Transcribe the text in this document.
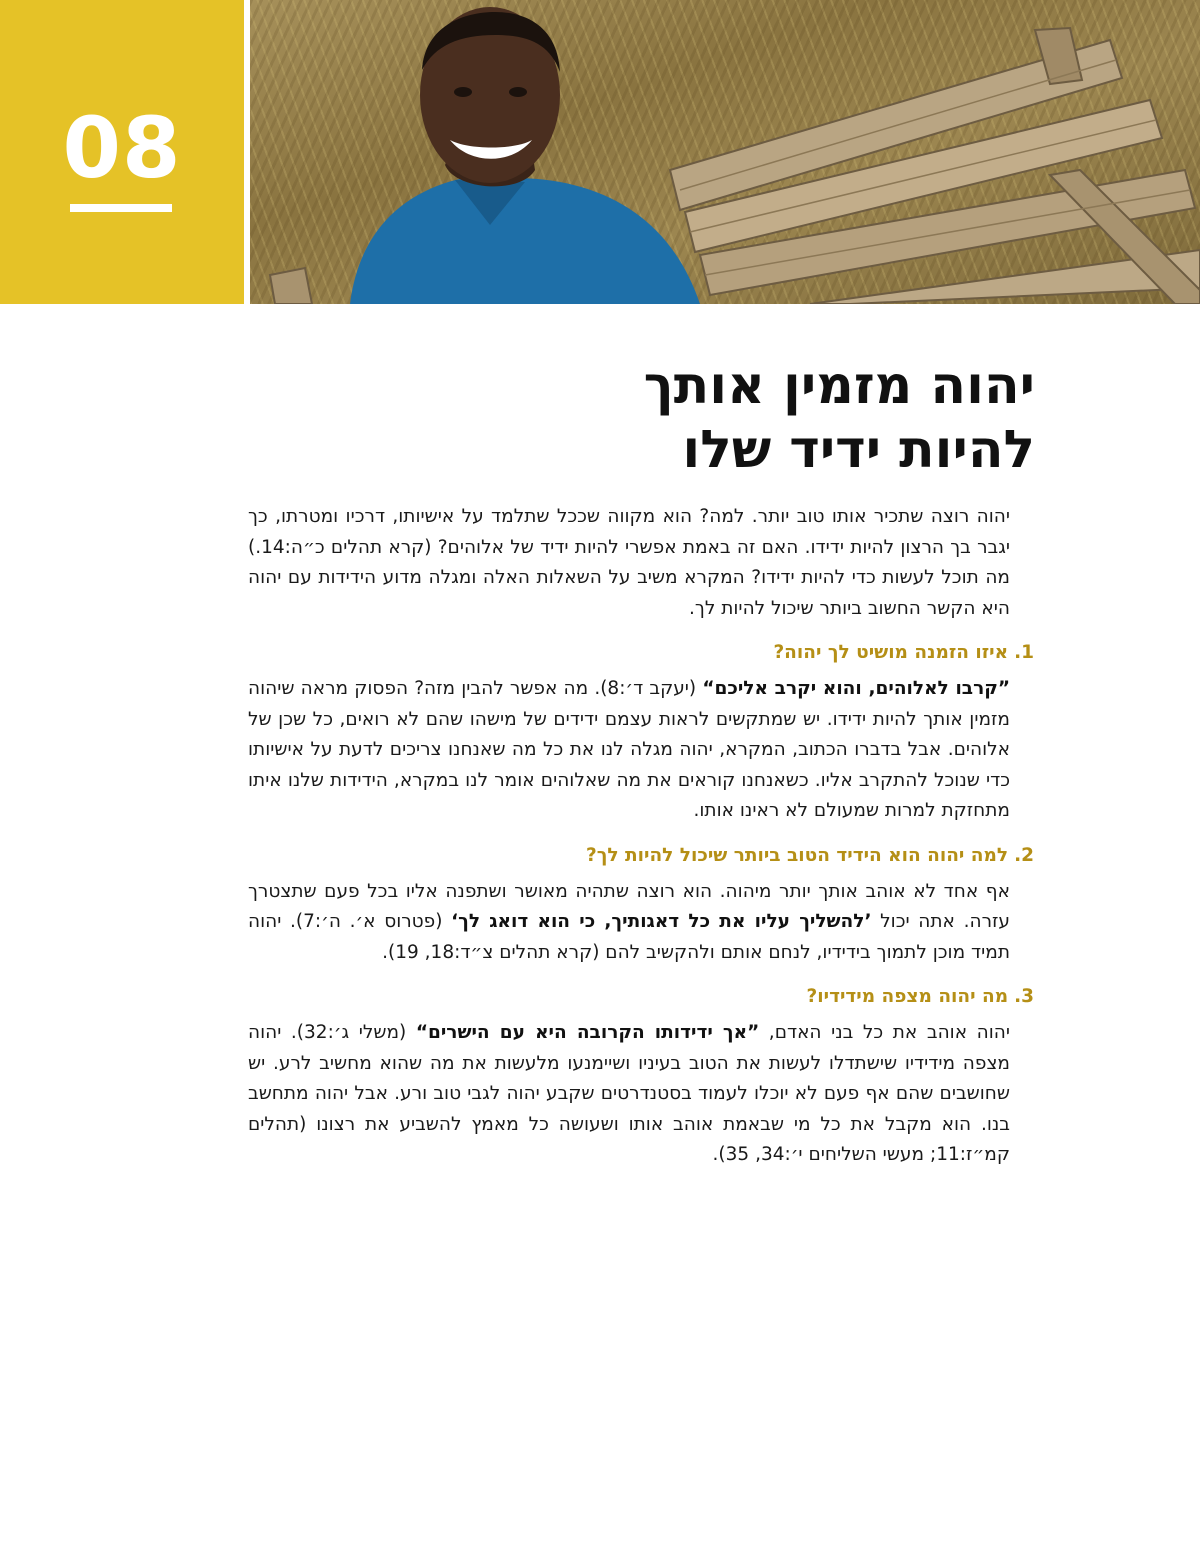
08
יהוה מזמין אותך
להיות ידיד שלו

יהוה רוצה שתכיר אותו טוב יותר. למה? הוא מקווה שככל שתלמד על אישיותו, דרכיו ומטרתו, כך יגבר בך הרצון להיות ידידו. האם זה באמת אפשרי להיות ידיד של אלוהים? (קרא תהלים כ״ה:14.) מה תוכל לעשות כדי להיות ידידו? המקרא משיב על השאלות האלה ומגלה מדוע הידידות עם יהוה היא הקשר החשוב ביותר שיכול להיות לך.

1.איזו הזמנה מושיט לך יהוה?

”קרבו לאלוהים, והוא יקרב אליכם“ (יעקב ד׳:8). מה אפשר להבין מזה? הפסוק מראה שיהוה מזמין אותך להיות ידידו. יש שמתקשים לראות עצמם ידידים של מישהו שהם לא רואים, כל שכן של אלוהים. אבל בדברו הכתוב, המקרא, יהוה מגלה לנו את כל מה שאנחנו צריכים לדעת על אישיותו כדי שנוכל להתקרב אליו. כשאנחנו קוראים את מה שאלוהים אומר לנו במקרא, הידידות שלנו איתו מתחזקת למרות שמעולם לא ראינו אותו.

2.למה יהוה הוא הידיד הטוב ביותר שיכול להיות לך?

אף אחד לא אוהב אותך יותר מיהוה. הוא רוצה שתהיה מאושר ושתפנה אליו בכל פעם שתצטרך עזרה. אתה יכול ’להשליך עליו את כל דאגותיך, כי הוא דואג לך‘ (פטרוס א׳. ה׳:7). יהוה תמיד מוכן לתמוך בידידיו, לנחם אותם ולהקשיב להם (קרא תהלים צ״ד:18, 19).

3.מה יהוה מצפה מידידיו?

יהוה אוהב את כל בני האדם, ”אך ידידותו הקרובה היא עם הישרים“ (משלי ג׳:32). יהוה מצפה מידידיו שישתדלו לעשות את הטוב בעיניו ושיימנעו מלעשות את מה שהוא מחשיב לרע. יש שחושבים שהם אף פעם לא יוכלו לעמוד בסטנדרטים שקבע יהוה לגבי טוב ורע. אבל יהוה מתחשב בנו. הוא מקבל את כל מי שבאמת אוהב אותו ושעושה כל מאמץ להשביע את רצונו (תהלים קמ״ז:11; מעשי השליחים י׳:34, 35).
